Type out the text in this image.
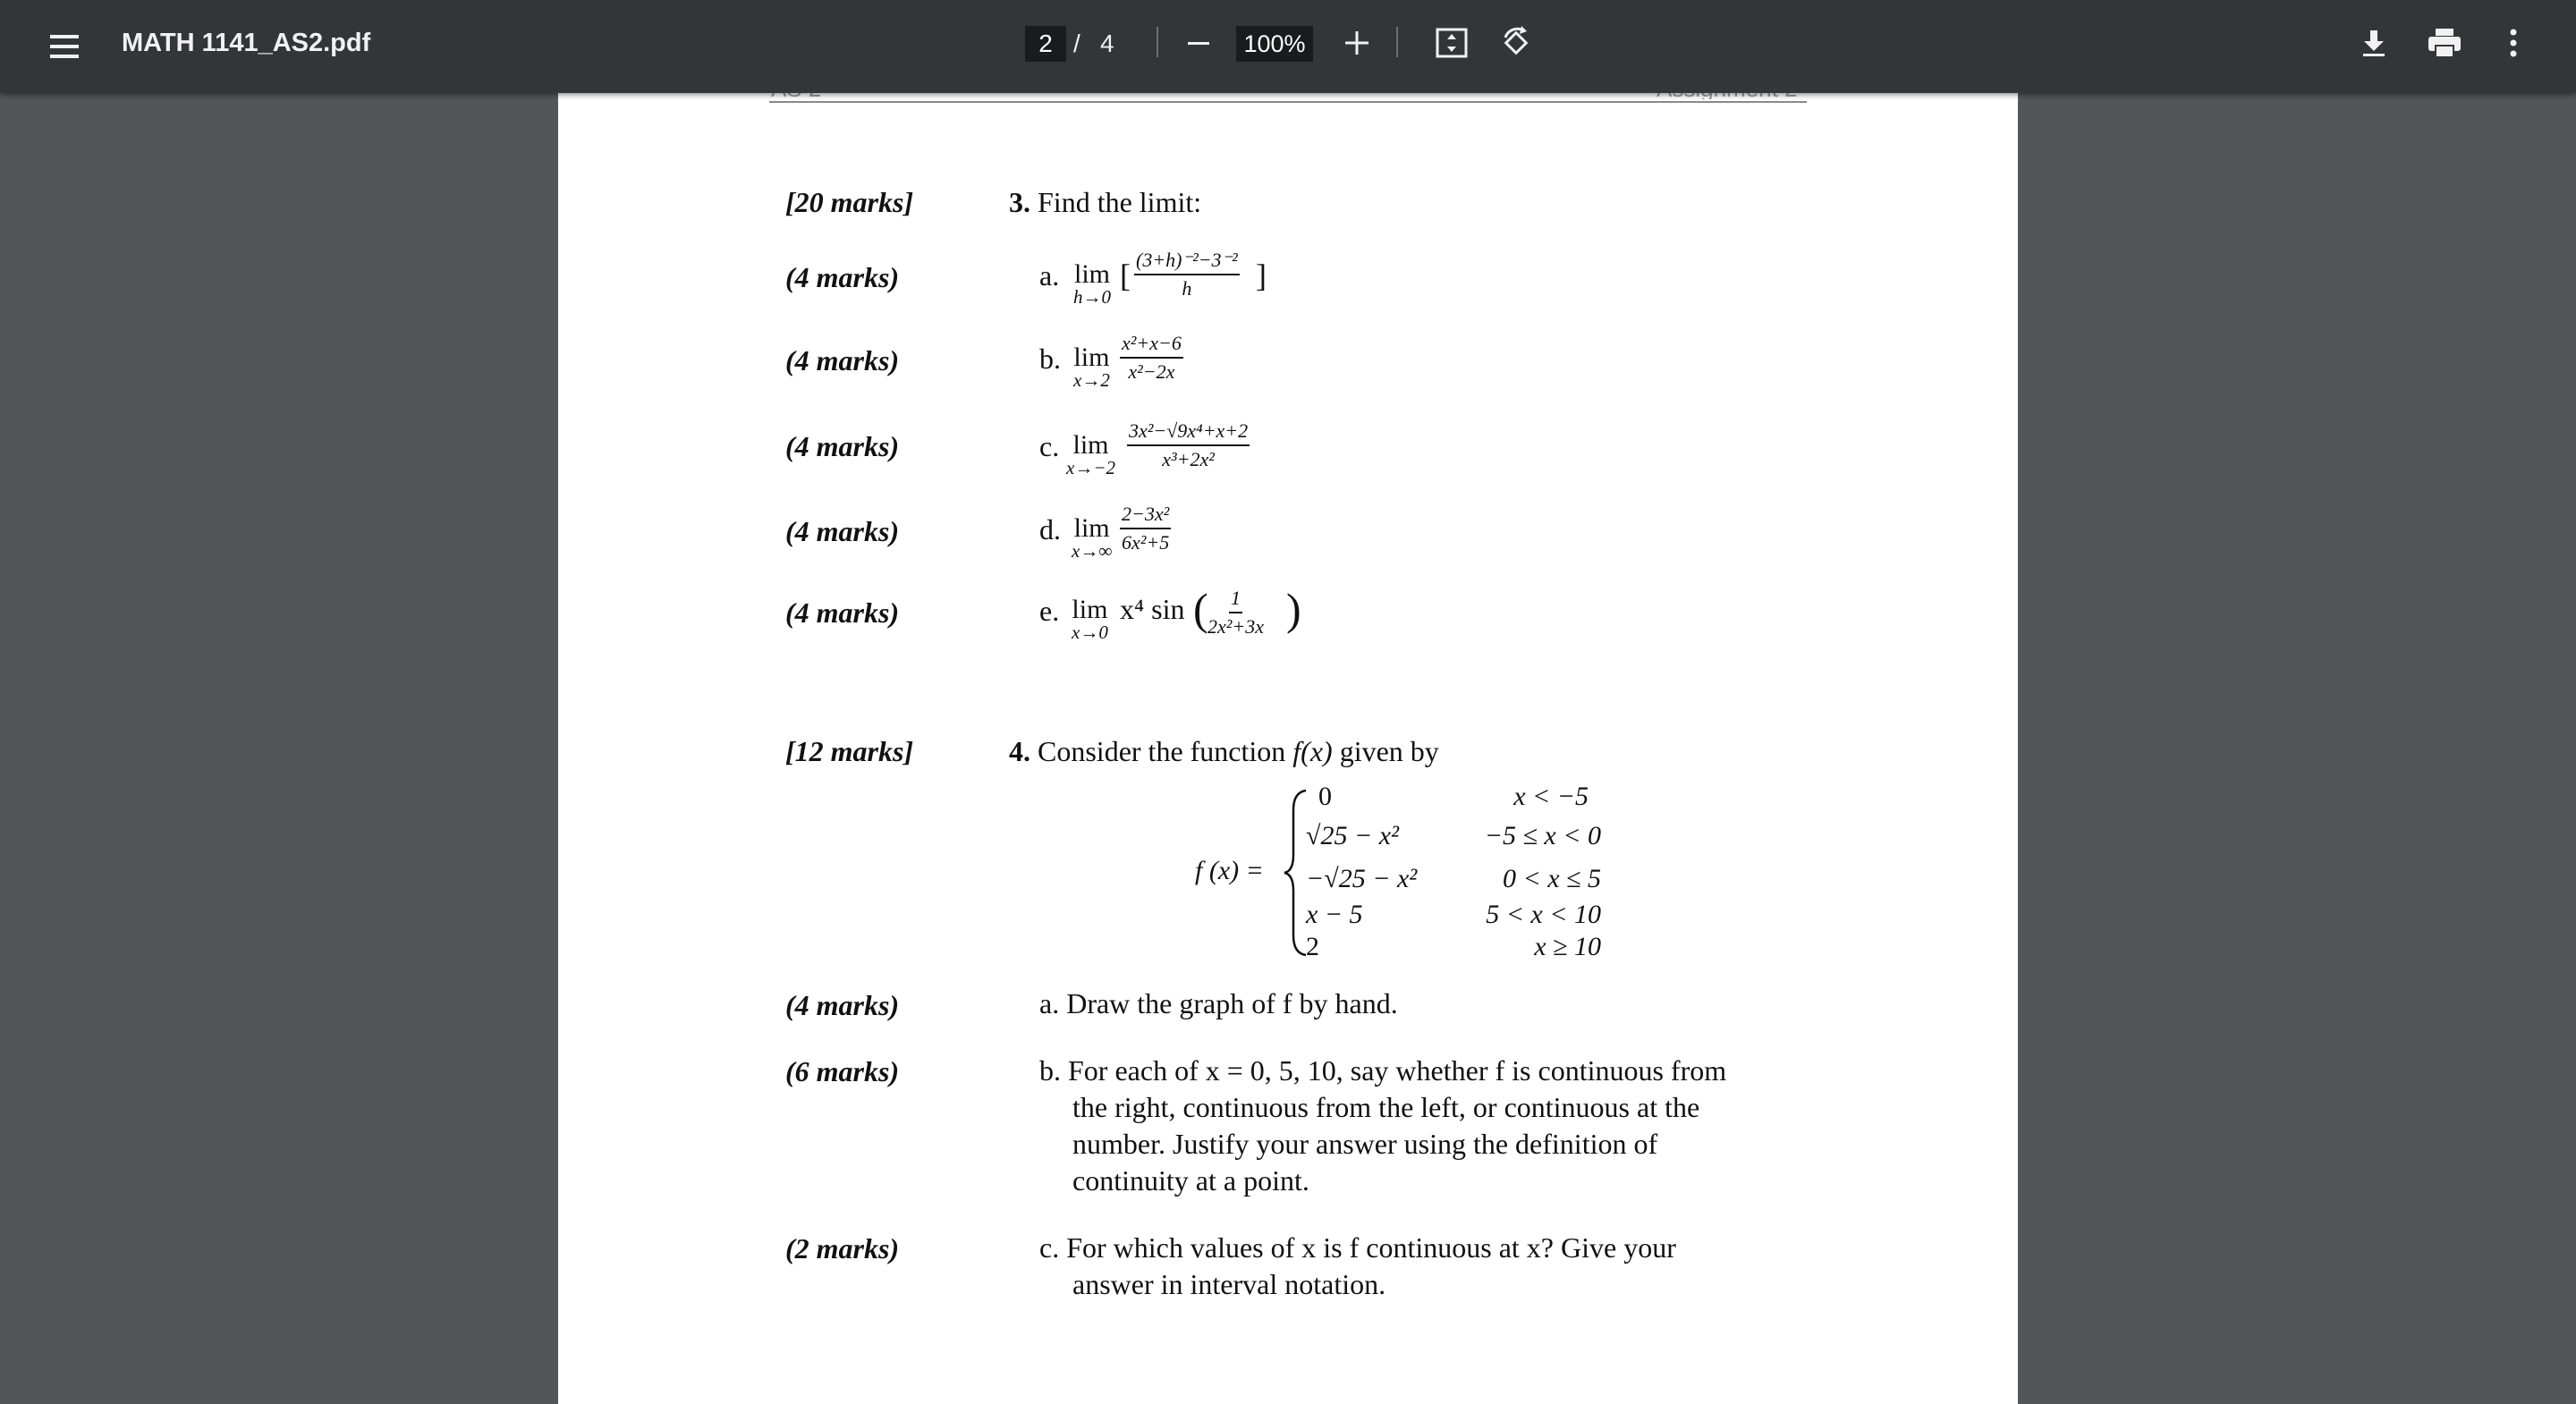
MATH 1141_AS2.pdf	2 / 4	100%
[20 marks]	3. Find the limit:
(4 marks)	a. lim
h→0
[ $\frac{\text{(3+h)⁻²−3⁻²}}{h}$ ]
(4 marks)	b. lim
$x\to 2 \frac{\text{x²+x−6}}{\text{x²−2x}}$
(4 marks)	c. lim
$x\to-2 \frac{\text{3x²−√9x⁴+x+2}}{\text{x³+2x²}}$
(4 marks)	d. lim
$x\to\infty \frac{\text{2−3x²}}{\text{6x²+5}}$
(4 marks)	e. lim
x→0
x⁴ sin ( $\frac{1}{\text{2x²+3x}}$ )
[12 marks]	4. Consider the function f(x) given by
f (x) =
0	x < −5
√25 − x²	−5 ≤ x < 0
−√25 − x²	0 < x ≤ 5
x − 5	5 < x < 10
2	x ≥ 10
(4 marks)	a. Draw the graph of f by hand.

(6 marks)	b. For each of x = 0, 5, 10, say whether f is continuous from

the right, continuous from the left, or continuous at the

number. Justify your answer using the definition of

continuity at a point.

(2 marks)	c. For which values of x is f continuous at x? Give your

answer in interval notation.
